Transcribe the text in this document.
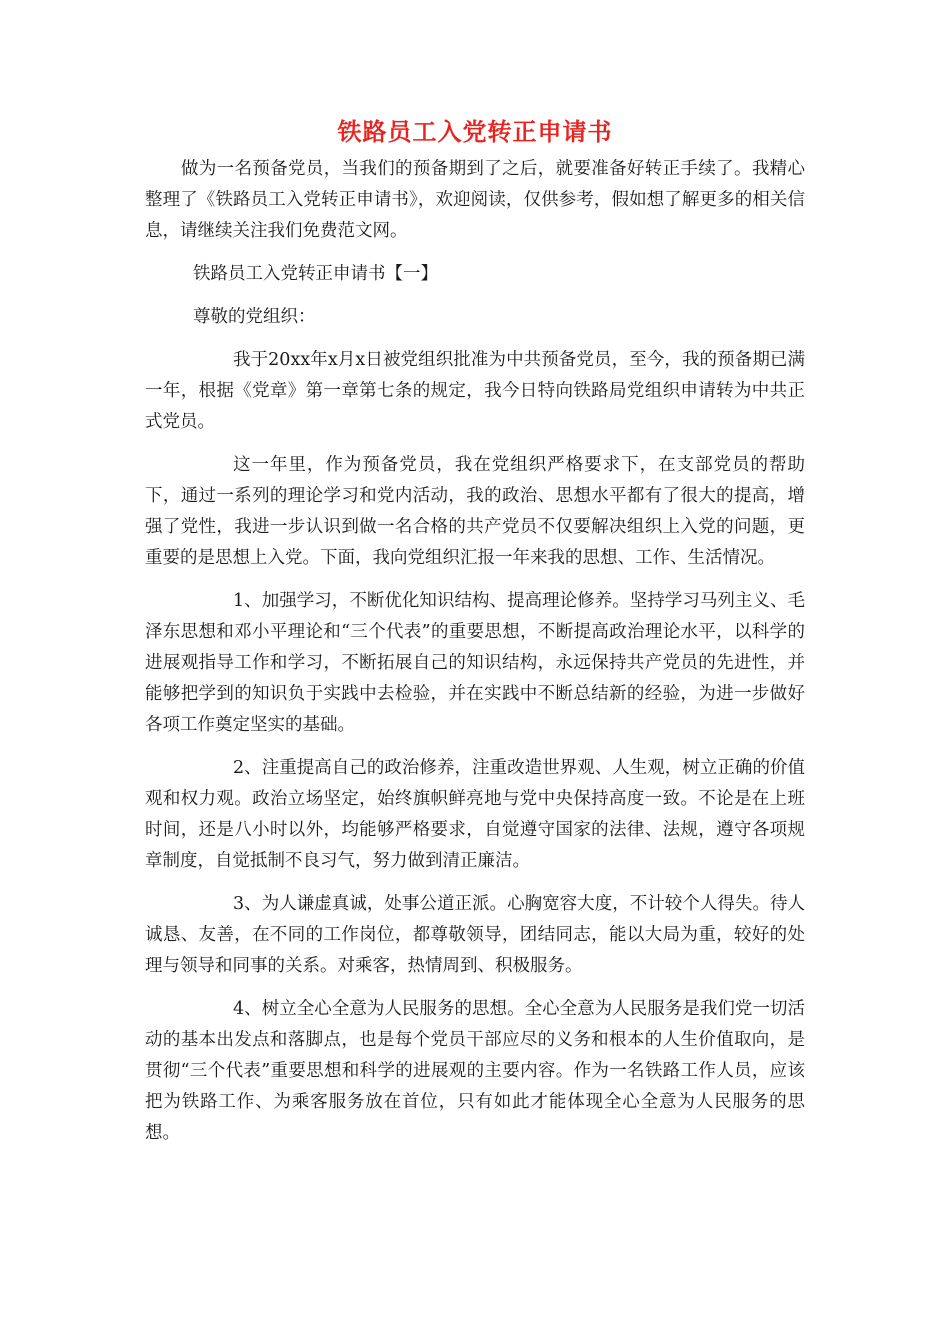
铁路员工入党转正申请书

做为一名预备党员，当我们的预备期到了之后，就要准备好转正手续了。我精心整理了《铁路员工入党转正申请书》，欢迎阅读，仅供参考，假如想了解更多的相关信息，请继续关注我们免费范文网。

铁路员工入党转正申请书【一】

尊敬的党组织：

我于20xx年x月x日被党组织批准为中共预备党员，至今，我的预备期已满一年，根据《党章》第一章第七条的规定，我今日特向铁路局党组织申请转为中共正式党员。

这一年里，作为预备党员，我在党组织严格要求下，在支部党员的帮助下，通过一系列的理论学习和党内活动，我的政治、思想水平都有了很大的提高，增强了党性，我进一步认识到做一名合格的共产党员不仅要解决组织上入党的问题，更重要的是思想上入党。下面，我向党组织汇报一年来我的思想、工作、生活情况。

1、加强学习，不断优化知识结构、提高理论修养。坚持学习马列主义、毛泽东思想和邓小平理论和“三个代表”的重要思想，不断提高政治理论水平，以科学的进展观指导工作和学习，不断拓展自己的知识结构，永远保持共产党员的先进性，并能够把学到的知识负于实践中去检验，并在实践中不断总结新的经验，为进一步做好各项工作奠定坚实的基础。

2、注重提高自己的政治修养，注重改造世界观、人生观，树立正确的价值观和权力观。政治立场坚定，始终旗帜鲜亮地与党中央保持高度一致。不论是在上班时间，还是八小时以外，均能够严格要求，自觉遵守国家的法律、法规，遵守各项规章制度，自觉抵制不良习气，努力做到清正廉洁。

3、为人谦虚真诚，处事公道正派。心胸宽容大度，不计较个人得失。待人诚恳、友善，在不同的工作岗位，都尊敬领导，团结同志，能以大局为重，较好的处理与领导和同事的关系。对乘客，热情周到、积极服务。

4、树立全心全意为人民服务的思想。全心全意为人民服务是我们党一切活动的基本出发点和落脚点，也是每个党员干部应尽的义务和根本的人生价值取向，是贯彻“三个代表”重要思想和科学的进展观的主要内容。作为一名铁路工作人员，应该把为铁路工作、为乘客服务放在首位，只有如此才能体现全心全意为人民服务的思想。
